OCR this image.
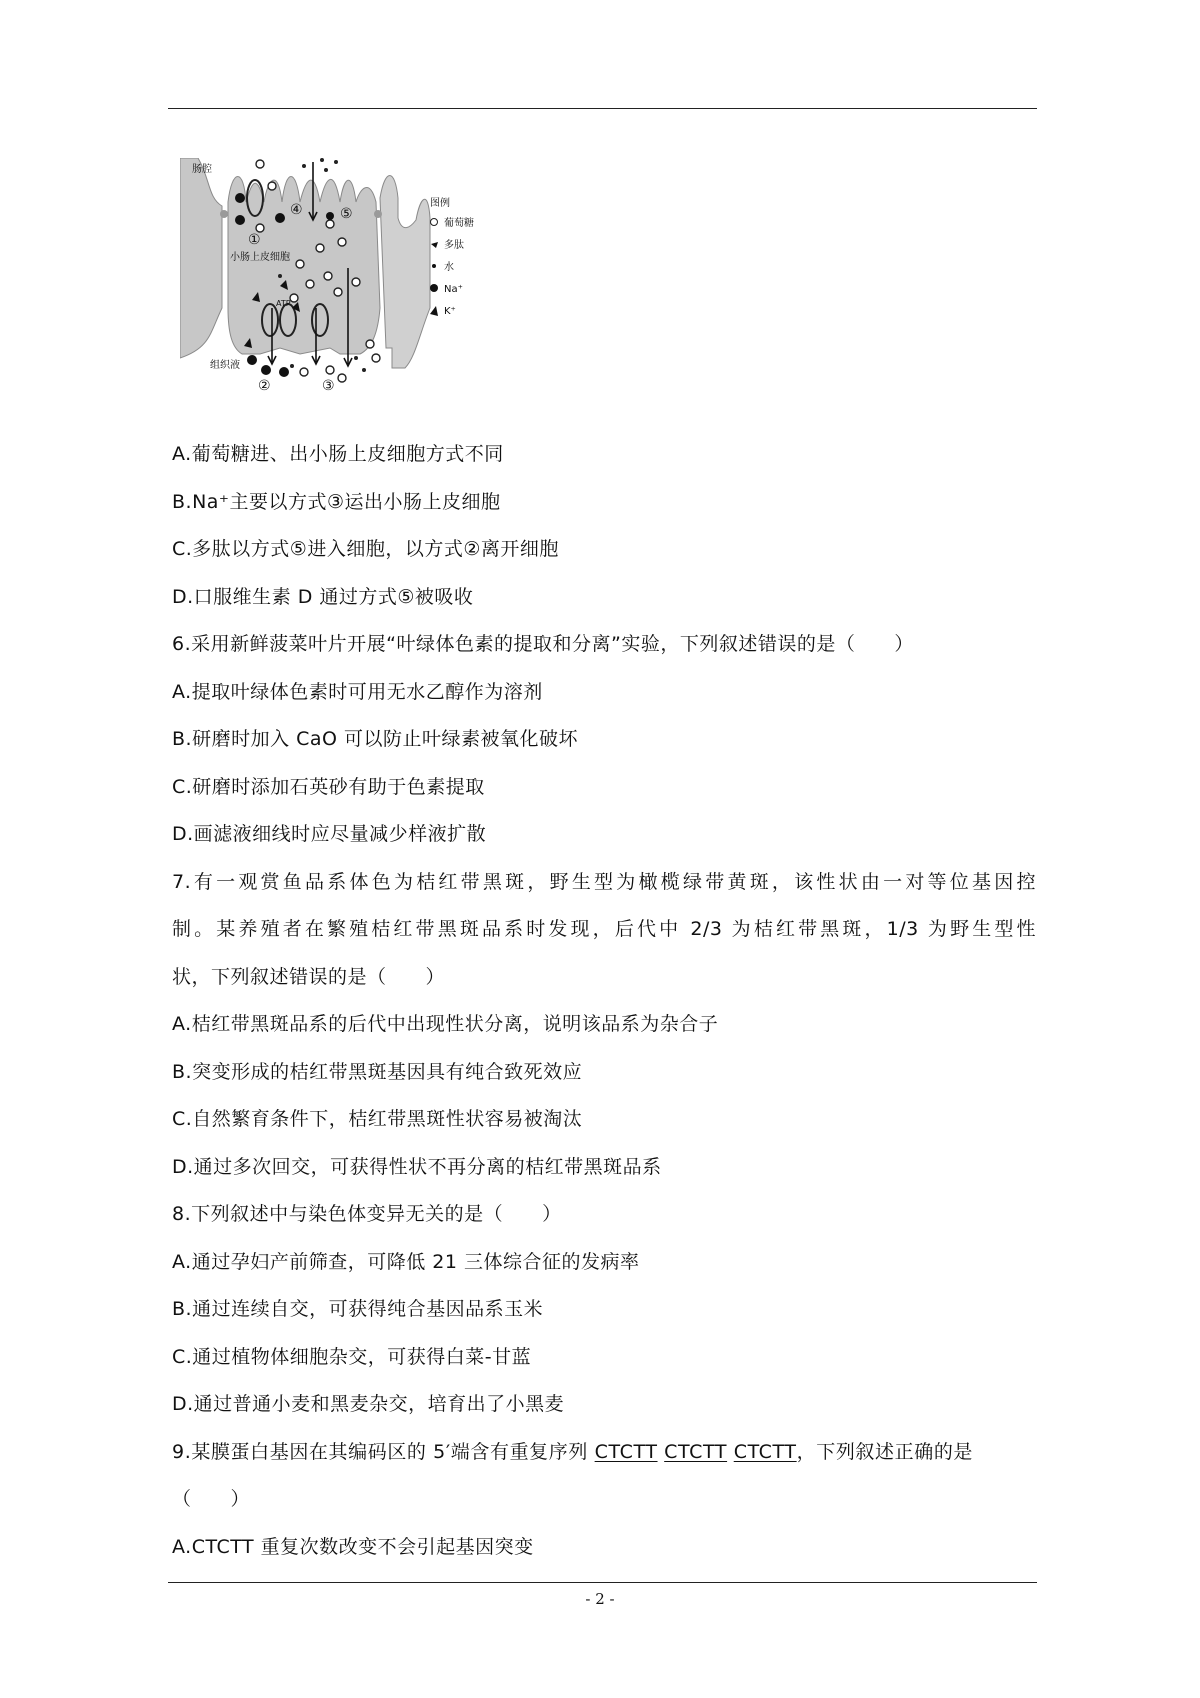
①
②	③
④	⑤
肠腔
小肠上皮细胞
组织液
ATP
图例
葡萄糖
多肽
水
Na⁺
K⁺
A.葡萄糖进、出小肠上皮细胞方式不同
B.Na⁺主要以方式③运出小肠上皮细胞
C.多肽以方式⑤进入细胞，以方式②离开细胞
D.口服维生素 D 通过方式⑤被吸收
6.采用新鲜菠菜叶片开展“叶绿体色素的提取和分离”实验，下列叙述错误的是（　　）
A.提取叶绿体色素时可用无水乙醇作为溶剂
B.研磨时加入 CaO 可以防止叶绿素被氧化破坏
C.研磨时添加石英砂有助于色素提取
D.画滤液细线时应尽量减少样液扩散
7.有一观赏鱼品系体色为桔红带黑斑，野生型为橄榄绿带黄斑，该性状由一对等位基因控
制。某养殖者在繁殖桔红带黑斑品系时发现，后代中 2/3 为桔红带黑斑，1/3 为野生型性
状，下列叙述错误的是（　　）
A.桔红带黑斑品系的后代中出现性状分离，说明该品系为杂合子
B.突变形成的桔红带黑斑基因具有纯合致死效应
C.自然繁育条件下，桔红带黑斑性状容易被淘汰
D.通过多次回交，可获得性状不再分离的桔红带黑斑品系
8.下列叙述中与染色体变异无关的是（　　）
A.通过孕妇产前筛查，可降低 21 三体综合征的发病率
B.通过连续自交，可获得纯合基因品系玉米
C.通过植物体细胞杂交，可获得白菜-甘蓝
D.通过普通小麦和黑麦杂交，培育出了小黑麦
9.某膜蛋白基因在其编码区的 5′端含有重复序列 CTCTT CTCTT CTCTT，下列叙述正确的是
（　　）
A.CTCTT 重复次数改变不会引起基因突变
- 2 -
